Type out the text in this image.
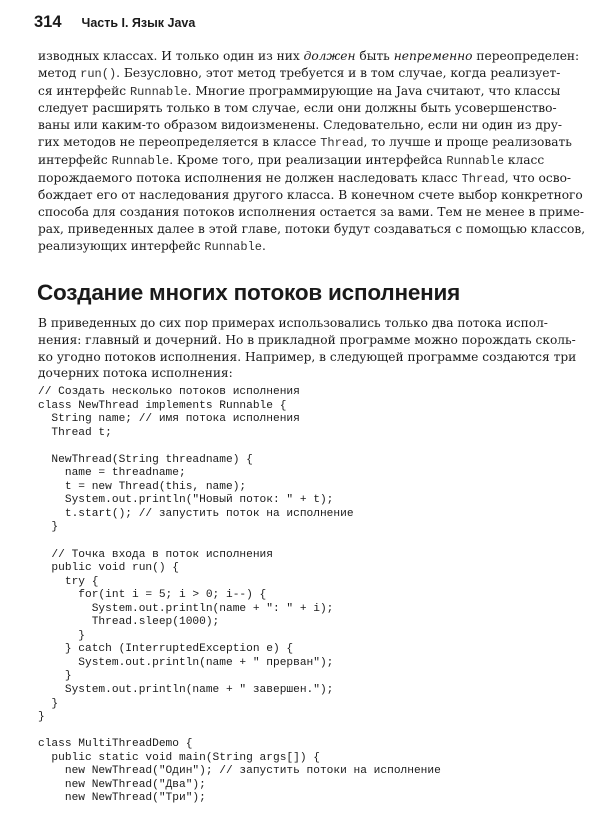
314 Часть I. Язык Java
изводных классах. И только один из них должен быть непременно переопределен:
метод run(). Безусловно, этот метод требуется и в том случае, когда реализует-
ся интерфейс Runnable. Многие программирующие на Java считают, что классы
следует расширять только в том случае, если они должны быть усовершенство-
ваны или каким-то образом видоизменены. Следовательно, если ни один из дру-
гих методов не переопределяется в классе Thread, то лучше и проще реализовать
интерфейс Runnable. Кроме того, при реализации интерфейса Runnable класс
порождаемого потока исполнения не должен наследовать класс Thread, что осво-
бождает его от наследования другого класса. В конечном счете выбор конкретного
способа для создания потоков исполнения остается за вами. Тем не менее в приме-
рах, приведенных далее в этой главе, потоки будут создаваться с помощью классов,
реализующих интерфейс Runnable.
Создание многих потоков исполнения
В приведенных до сих пор примерах использовались только два потока испол-
нения: главный и дочерний. Но в прикладной программе можно порождать сколь-
ко угодно потоков исполнения. Например, в следующей программе создаются три
дочерних потока исполнения:
// Создать несколько потоков исполнения
class NewThread implements Runnable {
String name; // имя потока исполнения
Thread t;
NewThread(String threadname) {
name = threadname;
t = new Thread(this, name);
System.out.println("Новый поток: " + t);
t.start(); // запустить поток на исполнение
}
// Точка входа в поток исполнения
public void run() {
try {
for(int i = 5; i > 0; i--) {
System.out.println(name + ": " + i);
Thread.sleep(1000);
}
} catch (InterruptedException e) {
System.out.println(name + " прерван");
}
System.out.println(name + " завершен.");
}
}
class MultiThreadDemo {
public static void main(String args[]) {
new NewThread("Один"); // запустить потоки на исполнение
new NewThread("Два");
new NewThread("Три");
